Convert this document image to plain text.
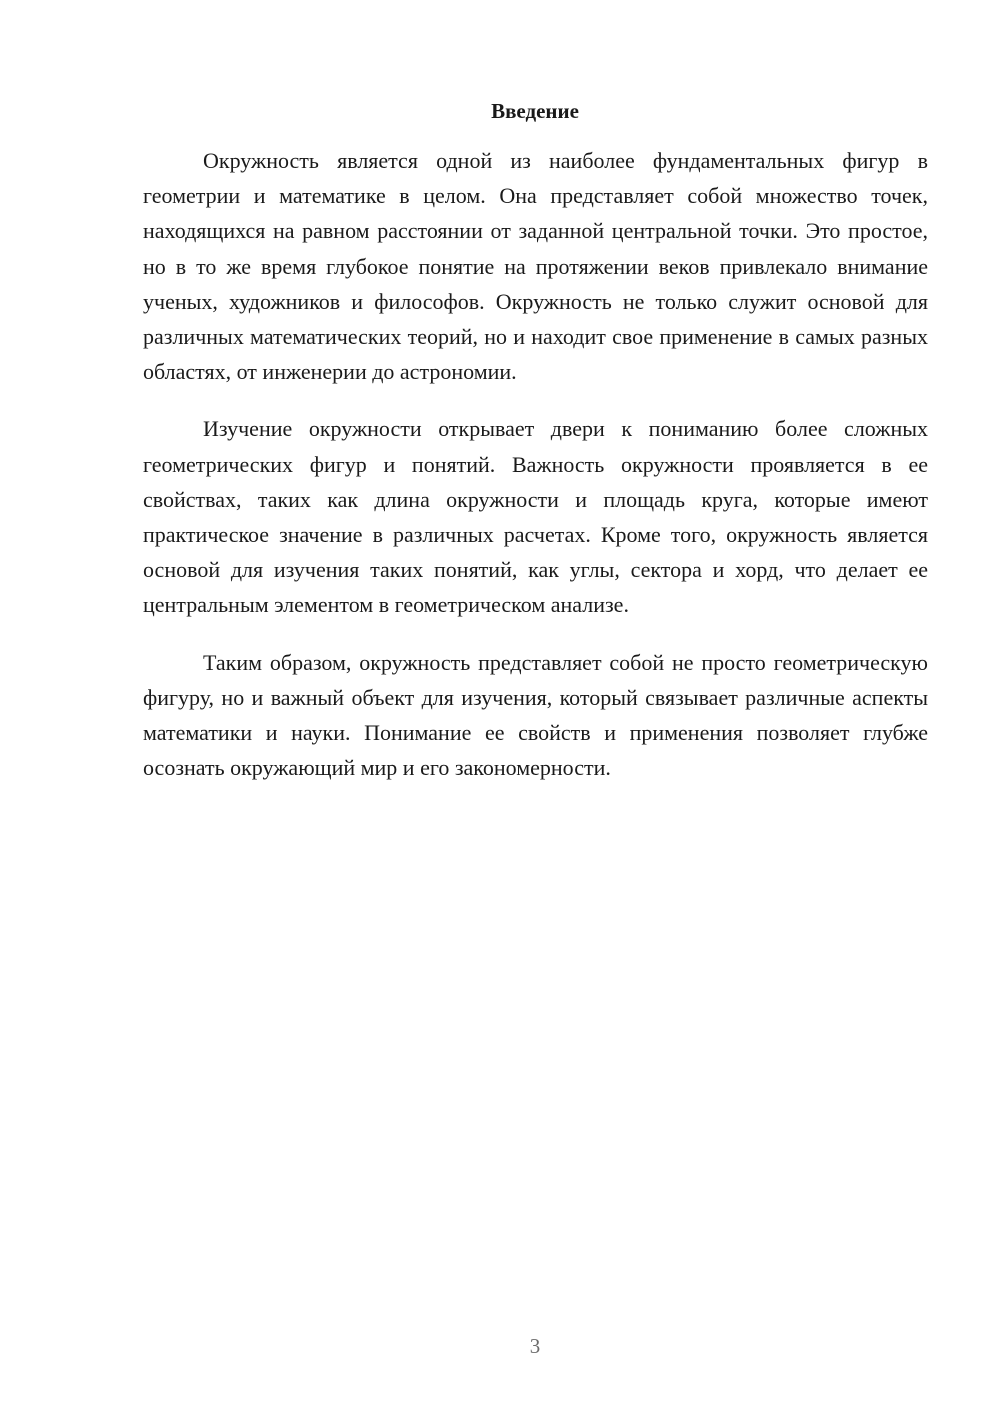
Введение

Окружность является одной из наиболее фундаментальных фигур в геометрии и математике в целом. Она представляет собой множество точек, находящихся на равном расстоянии от заданной центральной точки. Это простое, но в то же время глубокое понятие на протяжении веков привлекало внимание ученых, художников и философов. Окружность не только служит основой для различных математических теорий, но и находит свое применение в самых разных областях, от инженерии до астрономии.

Изучение окружности открывает двери к пониманию более сложных геометрических фигур и понятий. Важность окружности проявляется в ее свойствах, таких как длина окружности и площадь круга, которые имеют практическое значение в различных расчетах. Кроме того, окружность является основой для изучения таких понятий, как углы, сектора и хорд, что делает ее центральным элементом в геометрическом анализе.

Таким образом, окружность представляет собой не просто геометрическую фигуру, но и важный объект для изучения, который связывает различные аспекты математики и науки. Понимание ее свойств и применения позволяет глубже осознать окружающий мир и его закономерности.

3
